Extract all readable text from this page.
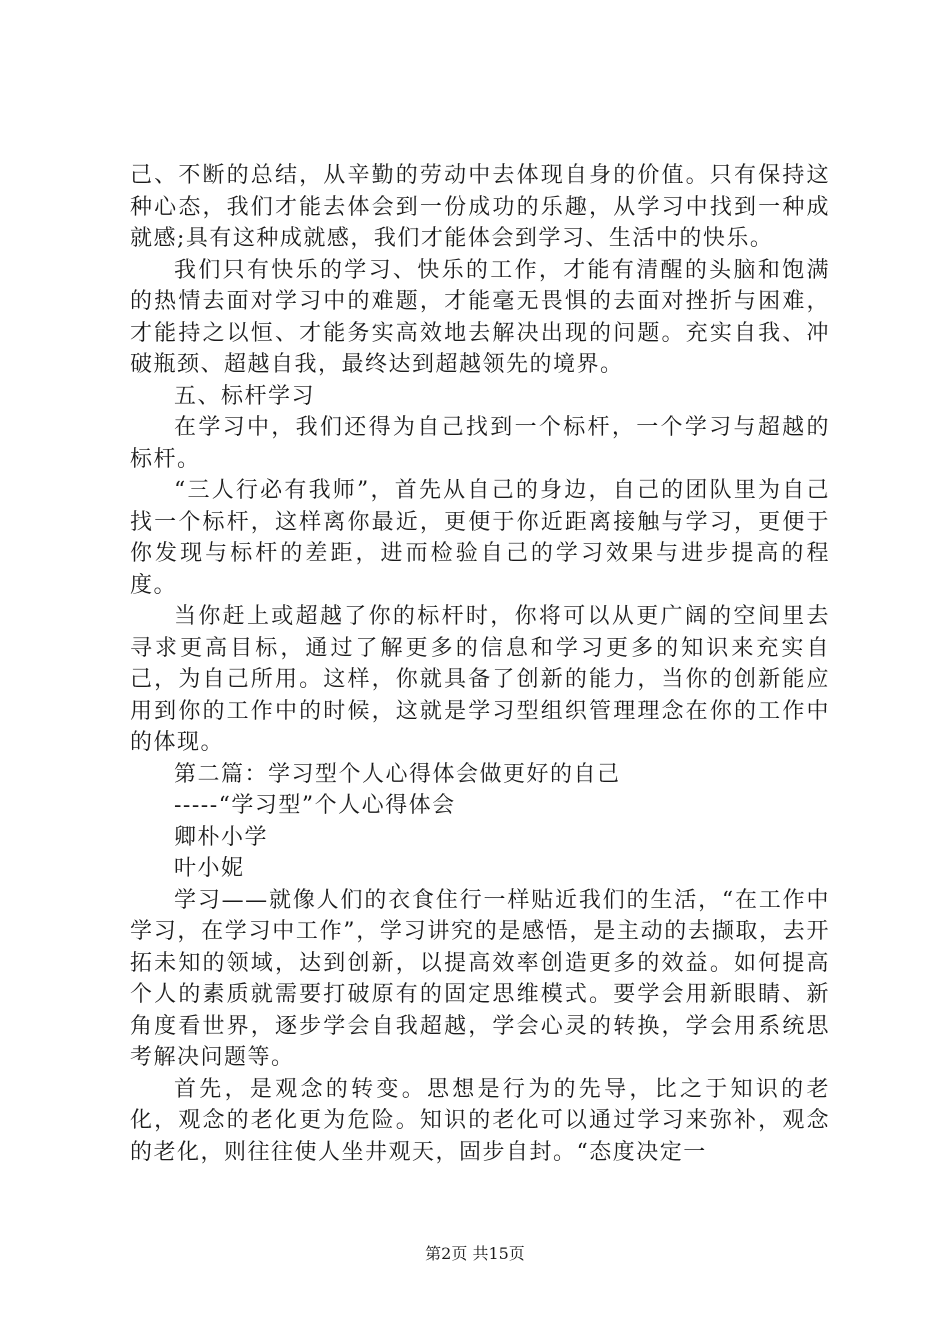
己、不断的总结，从辛勤的劳动中去体现自身的价值。只有保持这种心态，我们才能去体会到一份成功的乐趣，从学习中找到一种成就感;具有这种成就感，我们才能体会到学习、生活中的快乐。

我们只有快乐的学习、快乐的工作，才能有清醒的头脑和饱满的热情去面对学习中的难题，才能毫无畏惧的去面对挫折与困难，才能持之以恒、才能务实高效地去解决出现的问题。充实自我、冲破瓶颈、超越自我，最终达到超越领先的境界。

五、标杆学习

在学习中，我们还得为自己找到一个标杆，一个学习与超越的标杆。

“三人行必有我师”，首先从自己的身边，自己的团队里为自己找一个标杆，这样离你最近，更便于你近距离接触与学习，更便于你发现与标杆的差距，进而检验自己的学习效果与进步提高的程度。

当你赶上或超越了你的标杆时，你将可以从更广阔的空间里去寻求更高目标，通过了解更多的信息和学习更多的知识来充实自己，为自己所用。这样，你就具备了创新的能力，当你的创新能应用到你的工作中的时候，这就是学习型组织管理理念在你的工作中的体现。

第二篇：学习型个人心得体会做更好的自己

-----“学习型”个人心得体会

卿朴小学

叶小妮

学习——就像人们的衣食住行一样贴近我们的生活，“在工作中学习，在学习中工作”，学习讲究的是感悟，是主动的去撷取，去开拓未知的领域，达到创新，以提高效率创造更多的效益。如何提高个人的素质就需要打破原有的固定思维模式。要学会用新眼睛、新角度看世界，逐步学会自我超越，学会心灵的转换，学会用系统思考解决问题等。

首先，是观念的转变。思想是行为的先导，比之于知识的老化，观念的老化更为危险。知识的老化可以通过学习来弥补，观念的老化，则往往使人坐井观天，固步自封。“态度决定一

第2页 共15页
